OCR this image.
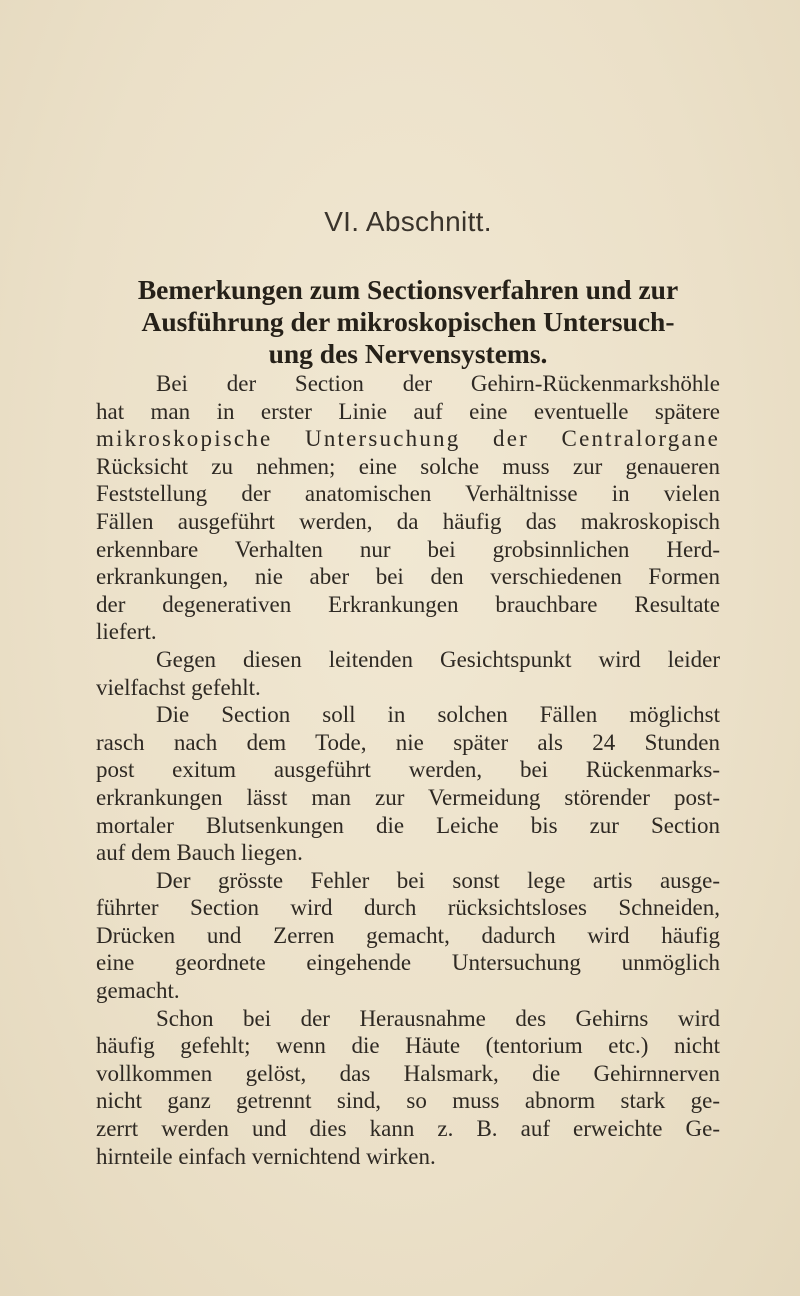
VI. Abschnitt.
Bemerkungen zum Sectionsverfahren und zur
Ausführung der mikroskopischen Untersuch-
ung des Nervensystems.

Bei der Section der Gehirn-Rückenmarkshöhle
hat man in erster Linie auf eine eventuelle spätere
mikroskopische Untersuchung der Centralorgane
Rücksicht zu nehmen; eine solche muss zur genaueren
Feststellung der anatomischen Verhältnisse in vielen
Fällen ausgeführt werden, da häufig das makroskopisch
erkennbare Verhalten nur bei grobsinnlichen Herd-
erkrankungen, nie aber bei den verschiedenen Formen
der degenerativen Erkrankungen brauchbare Resultate
liefert.

Gegen diesen leitenden Gesichtspunkt wird leider
vielfachst gefehlt.

Die Section soll in solchen Fällen möglichst
rasch nach dem Tode, nie später als 24 Stunden
post exitum ausgeführt werden, bei Rückenmarks-
erkrankungen lässt man zur Vermeidung störender post-
mortaler Blutsenkungen die Leiche bis zur Section
auf dem Bauch liegen.

Der grösste Fehler bei sonst lege artis ausge-
führter Section wird durch rücksichtsloses Schneiden,
Drücken und Zerren gemacht, dadurch wird häufig
eine geordnete eingehende Untersuchung unmöglich
gemacht.

Schon bei der Herausnahme des Gehirns wird
häufig gefehlt; wenn die Häute (tentorium etc.) nicht
vollkommen gelöst, das Halsmark, die Gehirnnerven
nicht ganz getrennt sind, so muss abnorm stark ge-
zerrt werden und dies kann z. B. auf erweichte Ge-
hirnteile einfach vernichtend wirken.
